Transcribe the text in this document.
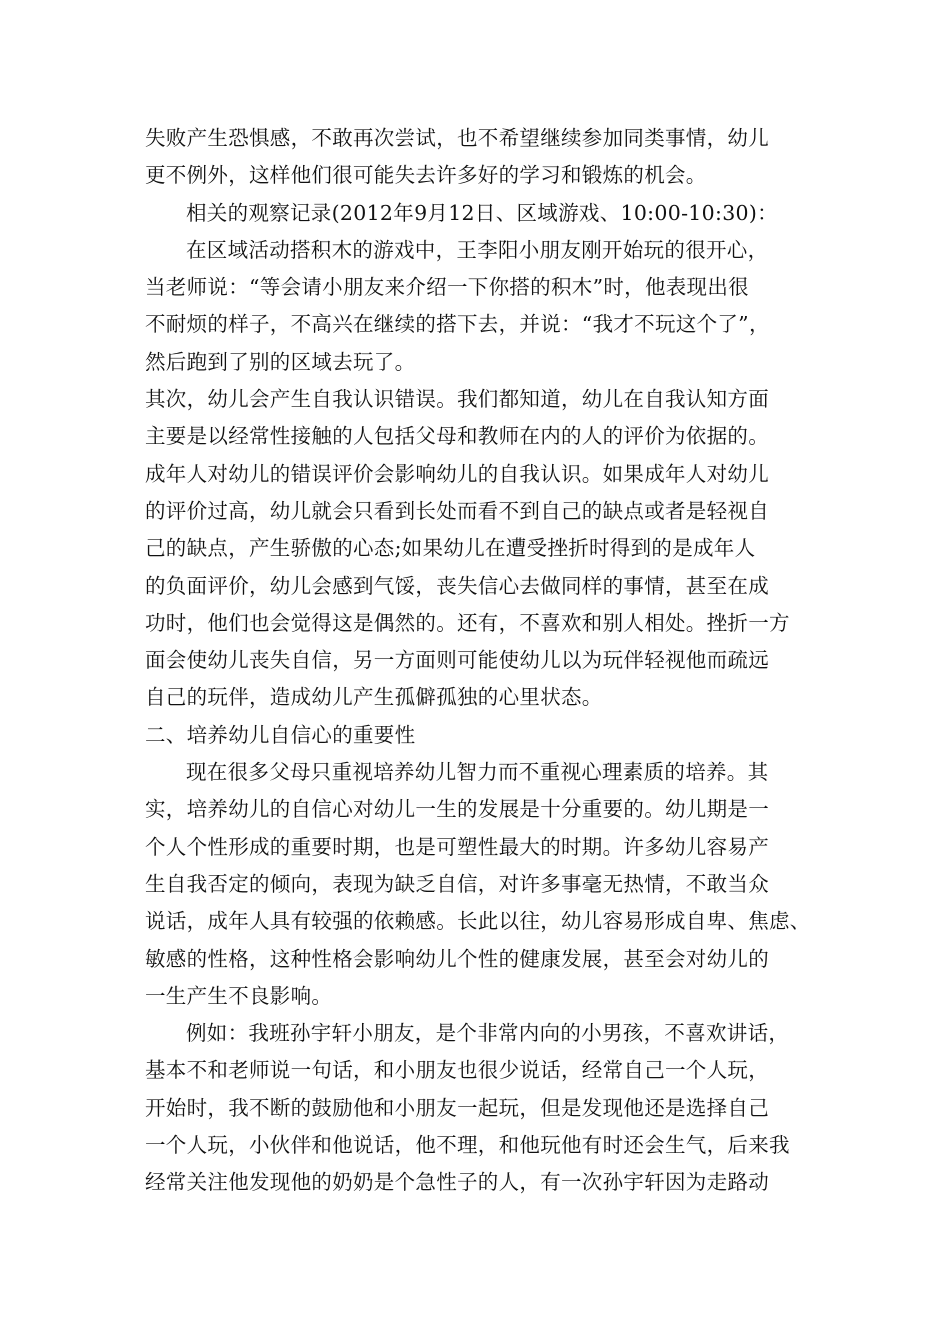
失败产生恐惧感，不敢再次尝试，也不希望继续参加同类事情，幼儿
更不例外，这样他们很可能失去许多好的学习和锻炼的机会。
相关的观察记录(2012年9月12日、区域游戏、10:00-10:30)：
在区域活动搭积木的游戏中，王李阳小朋友刚开始玩的很开心，
当老师说：“等会请小朋友来介绍一下你搭的积木”时，他表现出很
不耐烦的样子，不高兴在继续的搭下去，并说：“我才不玩这个了”，
然后跑到了别的区域去玩了。
其次，幼儿会产生自我认识错误。我们都知道，幼儿在自我认知方面
主要是以经常性接触的人包括父母和教师在内的人的评价为依据的。
成年人对幼儿的错误评价会影响幼儿的自我认识。如果成年人对幼儿
的评价过高，幼儿就会只看到长处而看不到自己的缺点或者是轻视自
己的缺点，产生骄傲的心态;如果幼儿在遭受挫折时得到的是成年人
的负面评价，幼儿会感到气馁，丧失信心去做同样的事情，甚至在成
功时，他们也会觉得这是偶然的。还有，不喜欢和别人相处。挫折一方
面会使幼儿丧失自信，另一方面则可能使幼儿以为玩伴轻视他而疏远
自己的玩伴，造成幼儿产生孤僻孤独的心里状态。
二、培养幼儿自信心的重要性
现在很多父母只重视培养幼儿智力而不重视心理素质的培养。其
实，培养幼儿的自信心对幼儿一生的发展是十分重要的。幼儿期是一
个人个性形成的重要时期，也是可塑性最大的时期。许多幼儿容易产
生自我否定的倾向，表现为缺乏自信，对许多事毫无热情，不敢当众
说话，成年人具有较强的依赖感。长此以往，幼儿容易形成自卑、焦虑、
敏感的性格，这种性格会影响幼儿个性的健康发展，甚至会对幼儿的
一生产生不良影响。
例如：我班孙宇轩小朋友，是个非常内向的小男孩，不喜欢讲话，
基本不和老师说一句话，和小朋友也很少说话，经常自己一个人玩，
开始时，我不断的鼓励他和小朋友一起玩，但是发现他还是选择自己
一个人玩，小伙伴和他说话，他不理，和他玩他有时还会生气，后来我
经常关注他发现他的奶奶是个急性子的人，有一次孙宇轩因为走路动
